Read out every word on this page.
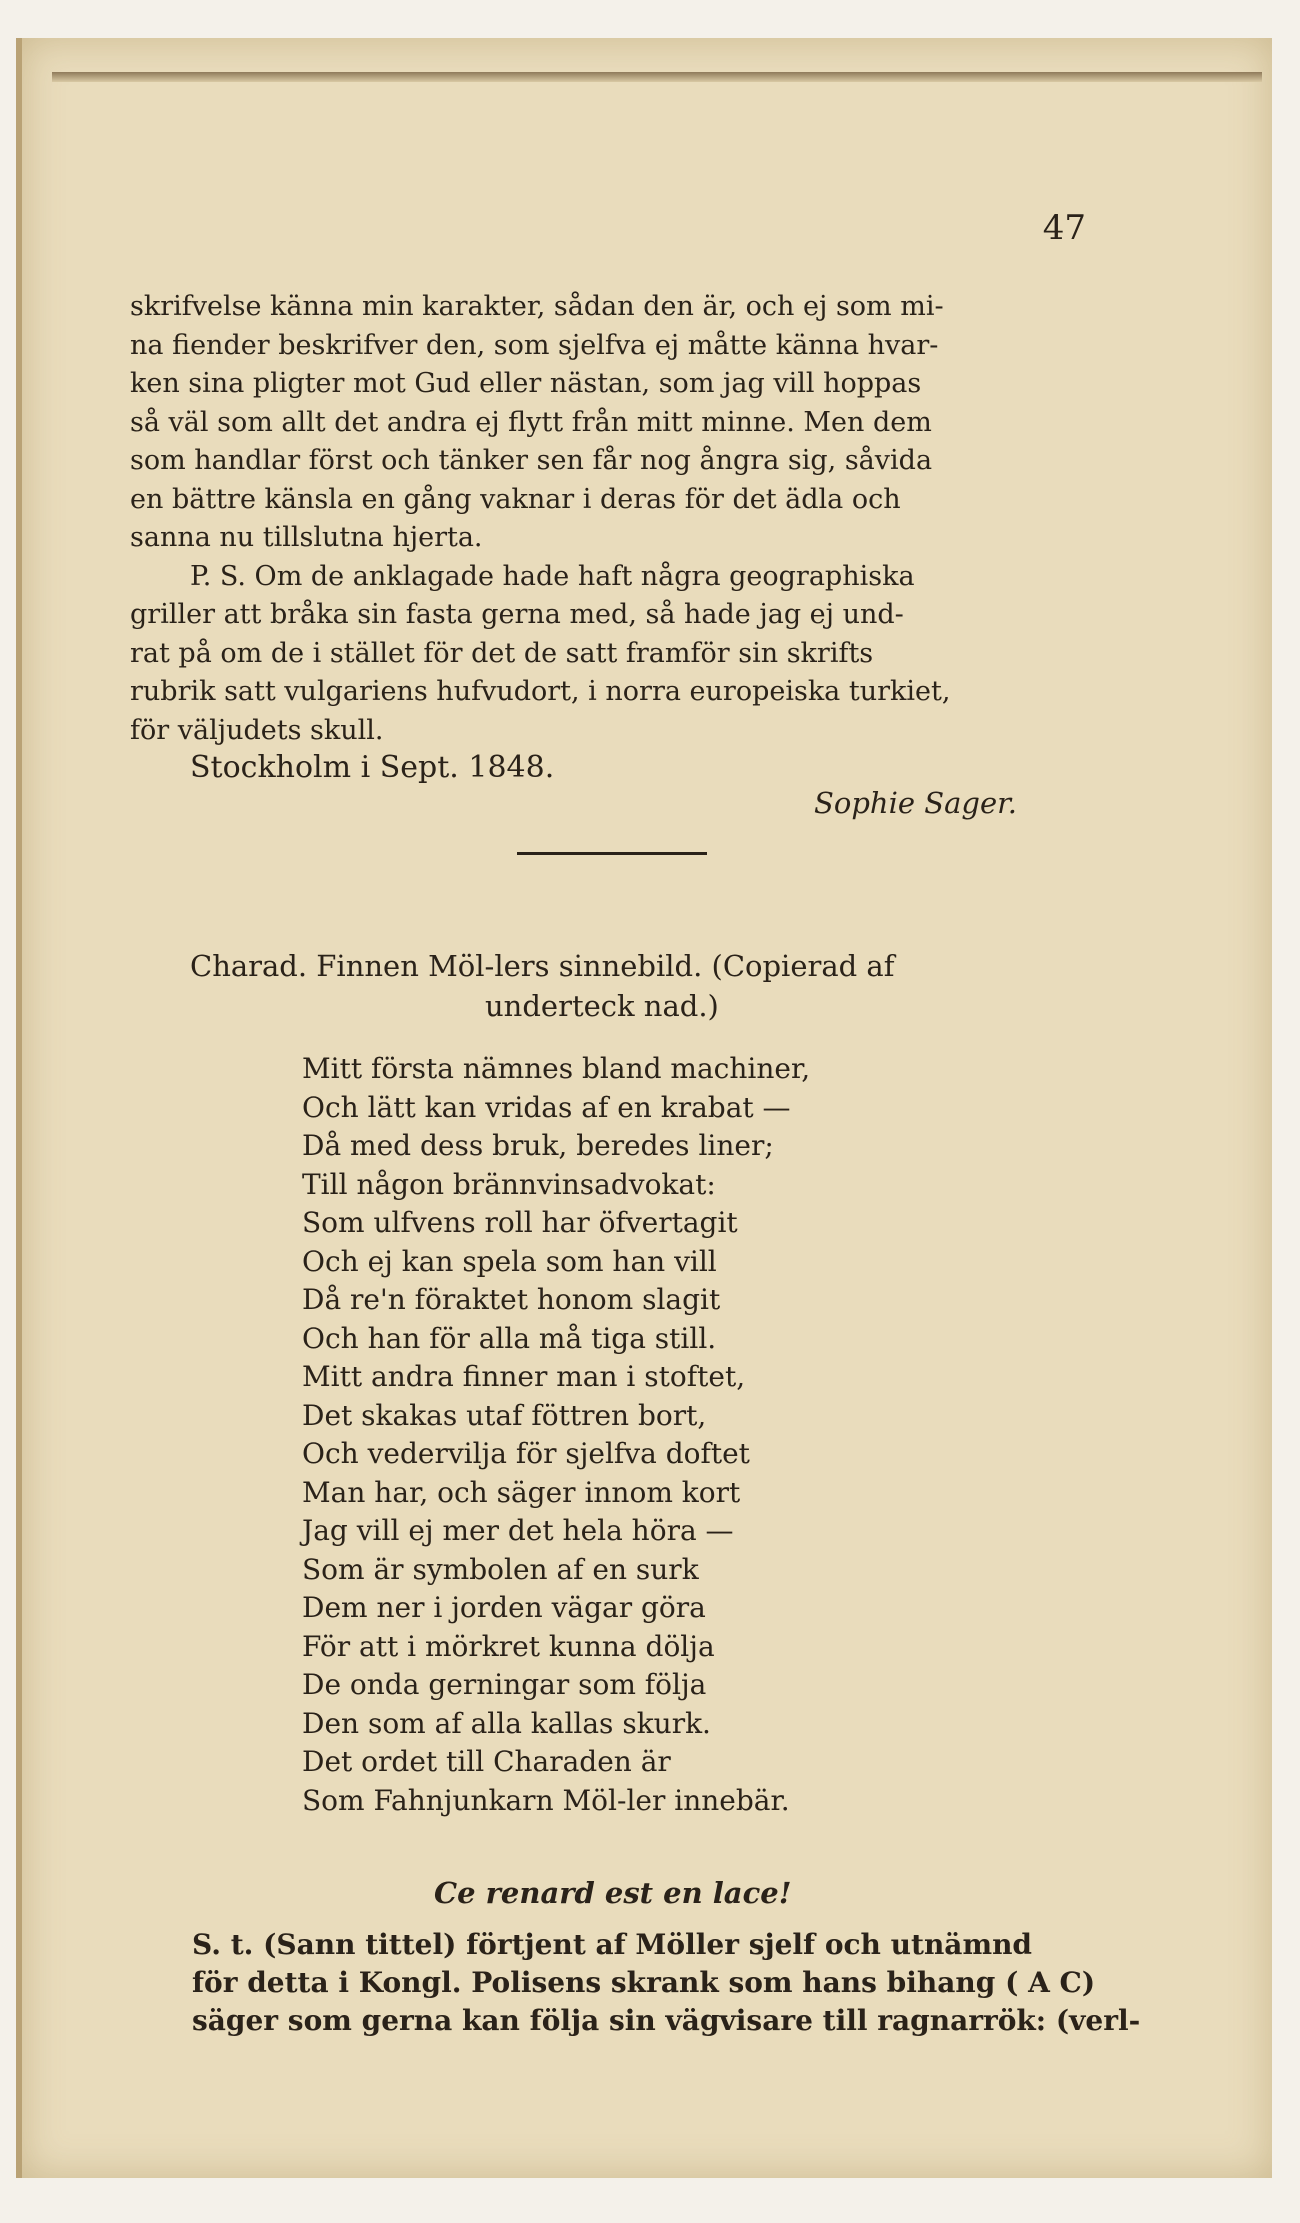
47
skrifvelse känna min karakter, sådan den är, och ej som mi-
na fiender beskrifver den, som sjelfva ej måtte känna hvar-
ken sina pligter mot Gud eller nästan, som jag vill hoppas
så väl som allt det andra ej flytt från mitt minne. Men dem
som handlar först och tänker sen får nog ångra sig, såvida
en bättre känsla en gång vaknar i deras för det ädla och
sanna nu tillslutna hjerta.
P. S. Om de anklagade hade haft några geographiska
griller att bråka sin fasta gerna med, så hade jag ej und-
rat på om de i stället för det de satt framför sin skrifts
rubrik satt vulgariens hufvudort, i norra europeiska turkiet,
för väljudets skull.
Stockholm i Sept. 1848.
Sophie Sager.
Charad. Finnen Möl-lers sinnebild. (Copierad af
underteck nad.)
Mitt första nämnes bland machiner,
Och lätt kan vridas af en krabat —
Då med dess bruk, beredes liner;
Till någon brännvinsadvokat:
Som ulfvens roll har öfvertagit
Och ej kan spela som han vill
Då re'n föraktet honom slagit
Och han för alla må tiga still.
Mitt andra finner man i stoftet,
Det skakas utaf föttren bort,
Och vedervilja för sjelfva doftet
Man har, och säger innom kort
Jag vill ej mer det hela höra —
Som är symbolen af en surk
Dem ner i jorden vägar göra
För att i mörkret kunna dölja
De onda gerningar som följa
Den som af alla kallas skurk.
Det ordet till Charaden är
Som Fahnjunkarn Möl-ler innebär.
Ce renard est en lace!
S. t. (Sann tittel) förtjent af Möller sjelf och utnämnd
för detta i Kongl. Polisens skrank som hans bihang ( A C)
säger som gerna kan följa sin vägvisare till ragnarrök: (verl-
